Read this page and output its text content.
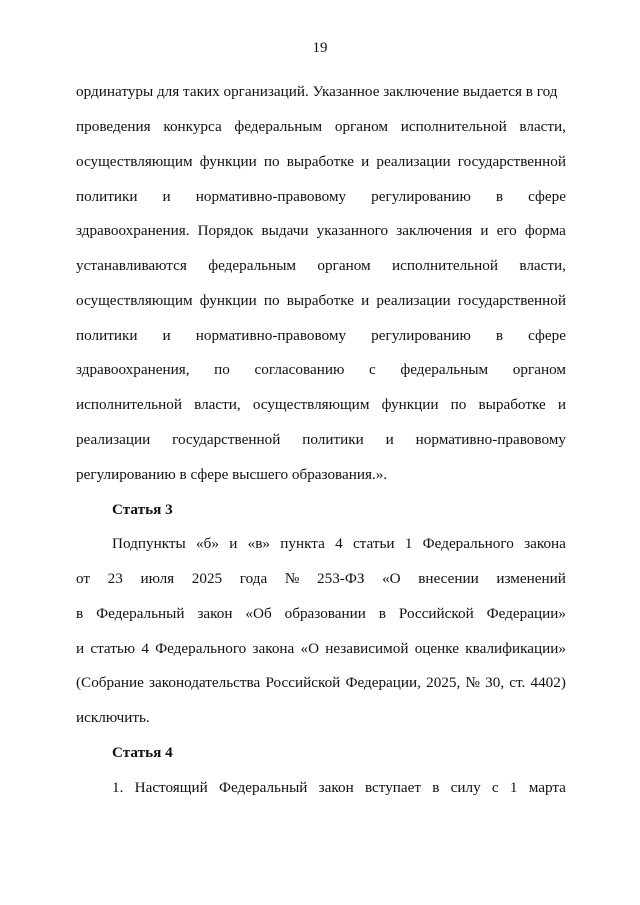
19
ординатуры для таких организаций. Указанное заключение выдается в год
проведения конкурса федеральным органом исполнительной власти,
осуществляющим функции по выработке и реализации государственной
политики и нормативно-правовому регулированию в сфере
здравоохранения. Порядок выдачи указанного заключения и его форма
устанавливаются федеральным органом исполнительной власти,
осуществляющим функции по выработке и реализации государственной
политики и нормативно-правовому регулированию в сфере
здравоохранения, по согласованию с федеральным органом
исполнительной власти, осуществляющим функции по выработке и
реализации государственной политики и нормативно-правовому
регулированию в сфере высшего образования.».
Статья 3
Подпункты «б» и «в» пункта 4 статьи 1 Федерального закона
от 23 июля 2025 года № 253-ФЗ «О внесении изменений
в Федеральный закон «Об образовании в Российской Федерации»
и статью 4 Федерального закона «О независимой оценке квалификации»
(Собрание законодательства Российской Федерации, 2025, № 30, ст. 4402)
исключить.
Статья 4
1. Настоящий Федеральный закон вступает в силу с 1 марта
